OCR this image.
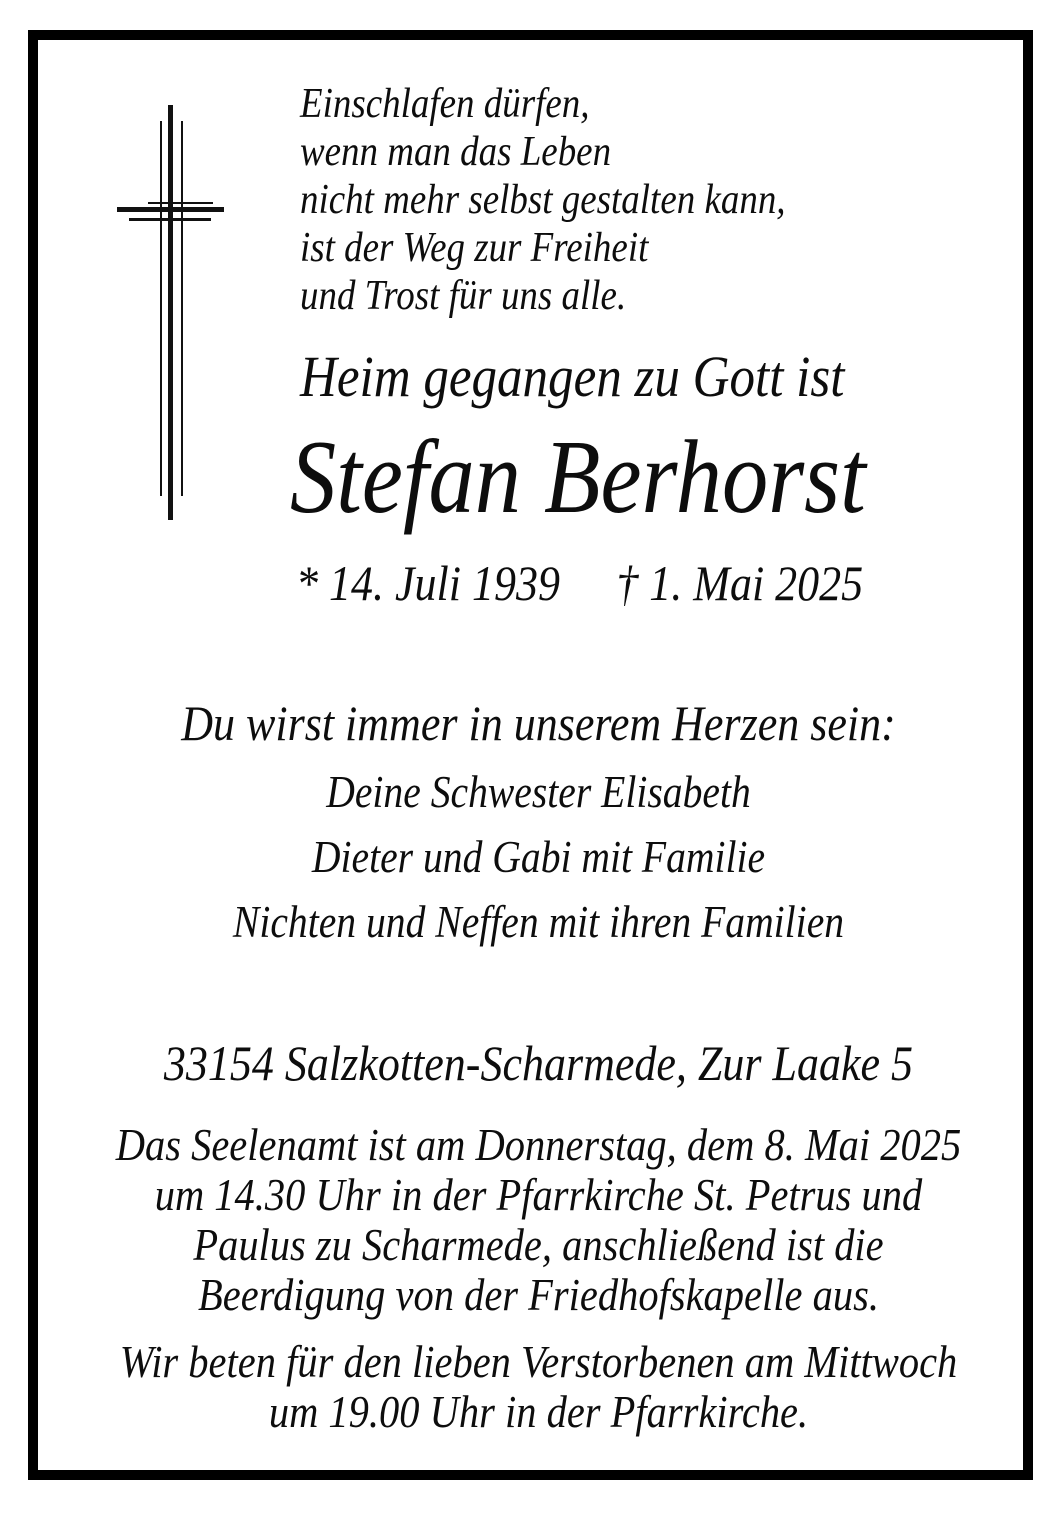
Einschlafen dürfen,
wenn man das Leben
nicht mehr selbst gestalten kann,
ist der Weg zur Freiheit
und Trost für uns alle.
Heim gegangen zu Gott ist
Stefan Berhorst
* 14. Juli 1939 † 1. Mai 2025
Du wirst immer in unserem Herzen sein:
Deine Schwester Elisabeth
Dieter und Gabi mit Familie
Nichten und Neffen mit ihren Familien
33154 Salzkotten-Scharmede, Zur Laake 5
Das Seelenamt ist am Donnerstag, dem 8. Mai 2025
um 14.30 Uhr in der Pfarrkirche St. Petrus und
Paulus zu Scharmede, anschließend ist die
Beerdigung von der Friedhofskapelle aus.
Wir beten für den lieben Verstorbenen am Mittwoch
um 19.00 Uhr in der Pfarrkirche.
